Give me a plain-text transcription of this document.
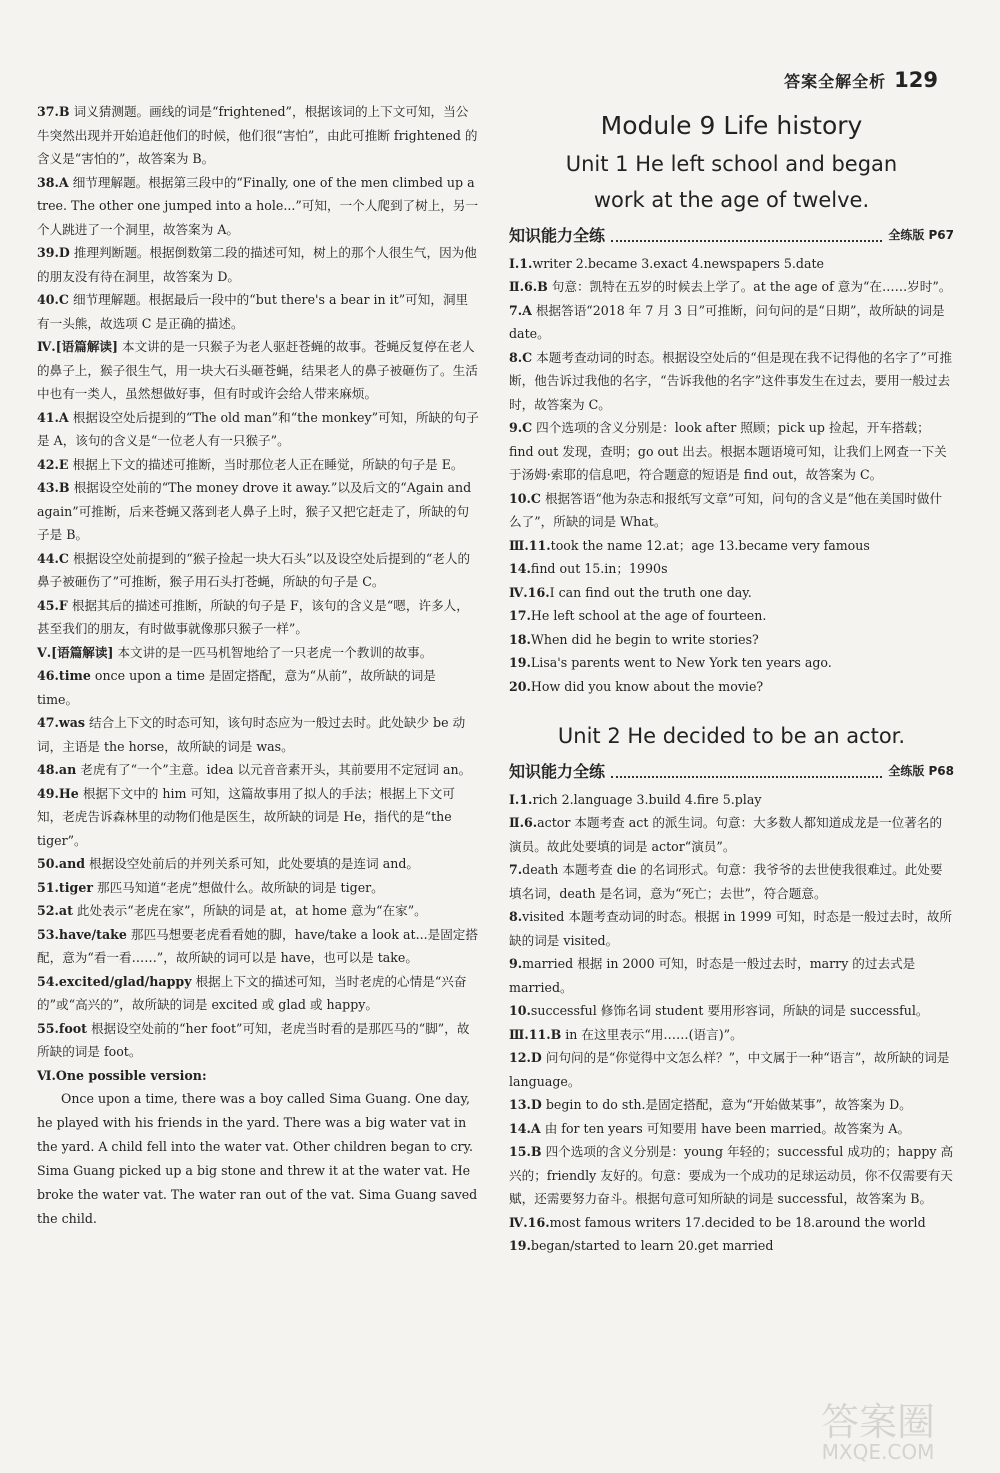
答案全解全析 129

37.B 词义猜测题。画线的词是“frightened”，根据该词的上下文可知，当公牛突然出现并开始追赶他们的时候，他们很“害怕”，由此可推断 frightened 的含义是“害怕的”，故答案为 B。

38.A 细节理解题。根据第三段中的“Finally, one of the men climbed up a tree. The other one jumped into a hole...”可知，一个人爬到了树上，另一个人跳进了一个洞里，故答案为 A。

39.D 推理判断题。根据倒数第二段的描述可知，树上的那个人很生气，因为他的朋友没有待在洞里，故答案为 D。

40.C 细节理解题。根据最后一段中的“but there's a bear in it”可知，洞里有一头熊，故选项 C 是正确的描述。

Ⅳ.[语篇解读] 本文讲的是一只猴子为老人驱赶苍蝇的故事。苍蝇反复停在老人的鼻子上，猴子很生气，用一块大石头砸苍蝇，结果老人的鼻子被砸伤了。生活中也有一类人，虽然想做好事，但有时或许会给人带来麻烦。

41.A 根据设空处后提到的“The old man”和“the monkey”可知，所缺的句子是 A，该句的含义是“一位老人有一只猴子”。

42.E 根据上下文的描述可推断，当时那位老人正在睡觉，所缺的句子是 E。

43.B 根据设空处前的“The money drove it away.”以及后文的“Again and again”可推断，后来苍蝇又落到老人鼻子上时，猴子又把它赶走了，所缺的句子是 B。

44.C 根据设空处前提到的“猴子捡起一块大石头”以及设空处后提到的“老人的鼻子被砸伤了”可推断，猴子用石头打苍蝇，所缺的句子是 C。

45.F 根据其后的描述可推断，所缺的句子是 F，该句的含义是“嗯，许多人，甚至我们的朋友，有时做事就像那只猴子一样”。

Ⅴ.[语篇解读] 本文讲的是一匹马机智地给了一只老虎一个教训的故事。

46.time once upon a time 是固定搭配，意为“从前”，故所缺的词是 time。

47.was 结合上下文的时态可知，该句时态应为一般过去时。此处缺少 be 动词，主语是 the horse，故所缺的词是 was。

48.an 老虎有了“一个”主意。idea 以元音音素开头，其前要用不定冠词 an。

49.He 根据下文中的 him 可知，这篇故事用了拟人的手法；根据上下文可知，老虎告诉森林里的动物们他是医生，故所缺的词是 He，指代的是“the tiger”。

50.and 根据设空处前后的并列关系可知，此处要填的是连词 and。

51.tiger 那匹马知道“老虎”想做什么。故所缺的词是 tiger。

52.at 此处表示“老虎在家”，所缺的词是 at，at home 意为“在家”。

53.have/take 那匹马想要老虎看看她的脚，have/take a look at...是固定搭配，意为“看一看……”，故所缺的词可以是 have，也可以是 take。

54.excited/glad/happy 根据上下文的描述可知，当时老虎的心情是“兴奋的”或“高兴的”，故所缺的词是 excited 或 glad 或 happy。

55.foot 根据设空处前的“her foot”可知，老虎当时看的是那匹马的“脚”，故所缺的词是 foot。

Ⅵ.One possible version:

Once upon a time, there was a boy called Sima Guang. One day, he played with his friends in the yard. There was a big water vat in the yard. A child fell into the water vat. Other children began to cry. Sima Guang picked up a big stone and threw it at the water vat. He broke the water vat. The water ran out of the vat. Sima Guang saved the child.

Module 9 Life history
Unit 1 He left school and began
work at the age of twelve.
知识能力全练	全练版 P67

Ⅰ.1.writer 2.became 3.exact 4.newspapers 5.date

Ⅱ.6.B 句意：凯特在五岁的时候去上学了。at the age of 意为“在……岁时”。

7.A 根据答语“2018 年 7 月 3 日”可推断，问句问的是“日期”，故所缺的词是 date。

8.C 本题考查动词的时态。根据设空处后的“但是现在我不记得他的名字了”可推断，他告诉过我他的名字，“告诉我他的名字”这件事发生在过去，要用一般过去时，故答案为 C。

9.C 四个选项的含义分别是：look after 照顾；pick up 捡起，开车搭载；find out 发现，查明；go out 出去。根据本题语境可知，让我们上网查一下关于汤姆·索耶的信息吧，符合题意的短语是 find out，故答案为 C。

10.C 根据答语“他为杂志和报纸写文章”可知，问句的含义是“他在美国时做什么了”，所缺的词是 What。

Ⅲ.11.took the name 12.at；age 13.became very famous

14.find out 15.in；1990s

Ⅳ.16.I can find out the truth one day.

17.He left school at the age of fourteen.

18.When did he begin to write stories?

19.Lisa's parents went to New York ten years ago.

20.How did you know about the movie?

Unit 2 He decided to be an actor.
知识能力全练	全练版 P68

Ⅰ.1.rich 2.language 3.build 4.fire 5.play

Ⅱ.6.actor 本题考查 act 的派生词。句意：大多数人都知道成龙是一位著名的演员。故此处要填的词是 actor“演员”。

7.death 本题考查 die 的名词形式。句意：我爷爷的去世使我很难过。此处要填名词，death 是名词，意为“死亡；去世”，符合题意。

8.visited 本题考查动词的时态。根据 in 1999 可知，时态是一般过去时，故所缺的词是 visited。

9.married 根据 in 2000 可知，时态是一般过去时，marry 的过去式是 married。

10.successful 修饰名词 student 要用形容词，所缺的词是 successful。

Ⅲ.11.B in 在这里表示“用……(语言)”。

12.D 问句问的是“你觉得中文怎么样？”，中文属于一种“语言”，故所缺的词是 language。

13.D begin to do sth.是固定搭配，意为“开始做某事”，故答案为 D。

14.A 由 for ten years 可知要用 have been married。故答案为 A。

15.B 四个选项的含义分别是：young 年轻的；successful 成功的；happy 高兴的；friendly 友好的。句意：要成为一个成功的足球运动员，你不仅需要有天赋，还需要努力奋斗。根据句意可知所缺的词是 successful，故答案为 B。

Ⅳ.16.most famous writers 17.decided to be 18.around the world

19.began/started to learn 20.get married

答案圈
MXQE.COM
